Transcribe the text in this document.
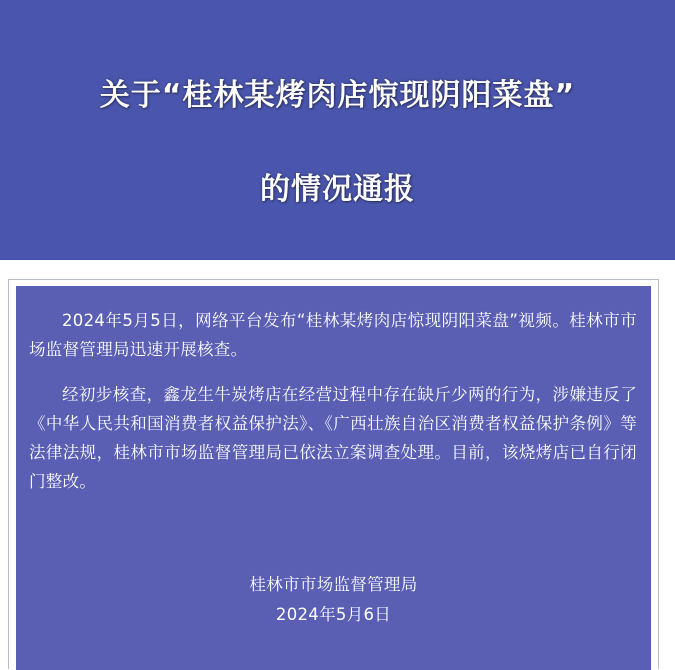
关于“桂林某烤肉店惊现阴阳菜盘”
的情况通报

2024年5月5日，网络平台发布“桂林某烤肉店惊现阴阳菜盘”视频。桂林市市场监督管理局迅速开展核查。

经初步核查，鑫龙生牛炭烤店在经营过程中存在缺斤少两的行为，涉嫌违反了《中华人民共和国消费者权益保护法》、《广西壮族自治区消费者权益保护条例》等法律法规，桂林市市场监督管理局已依法立案调查处理。目前，该烧烤店已自行闭门整改。

桂林市市场监督管理局
2024年5月6日
